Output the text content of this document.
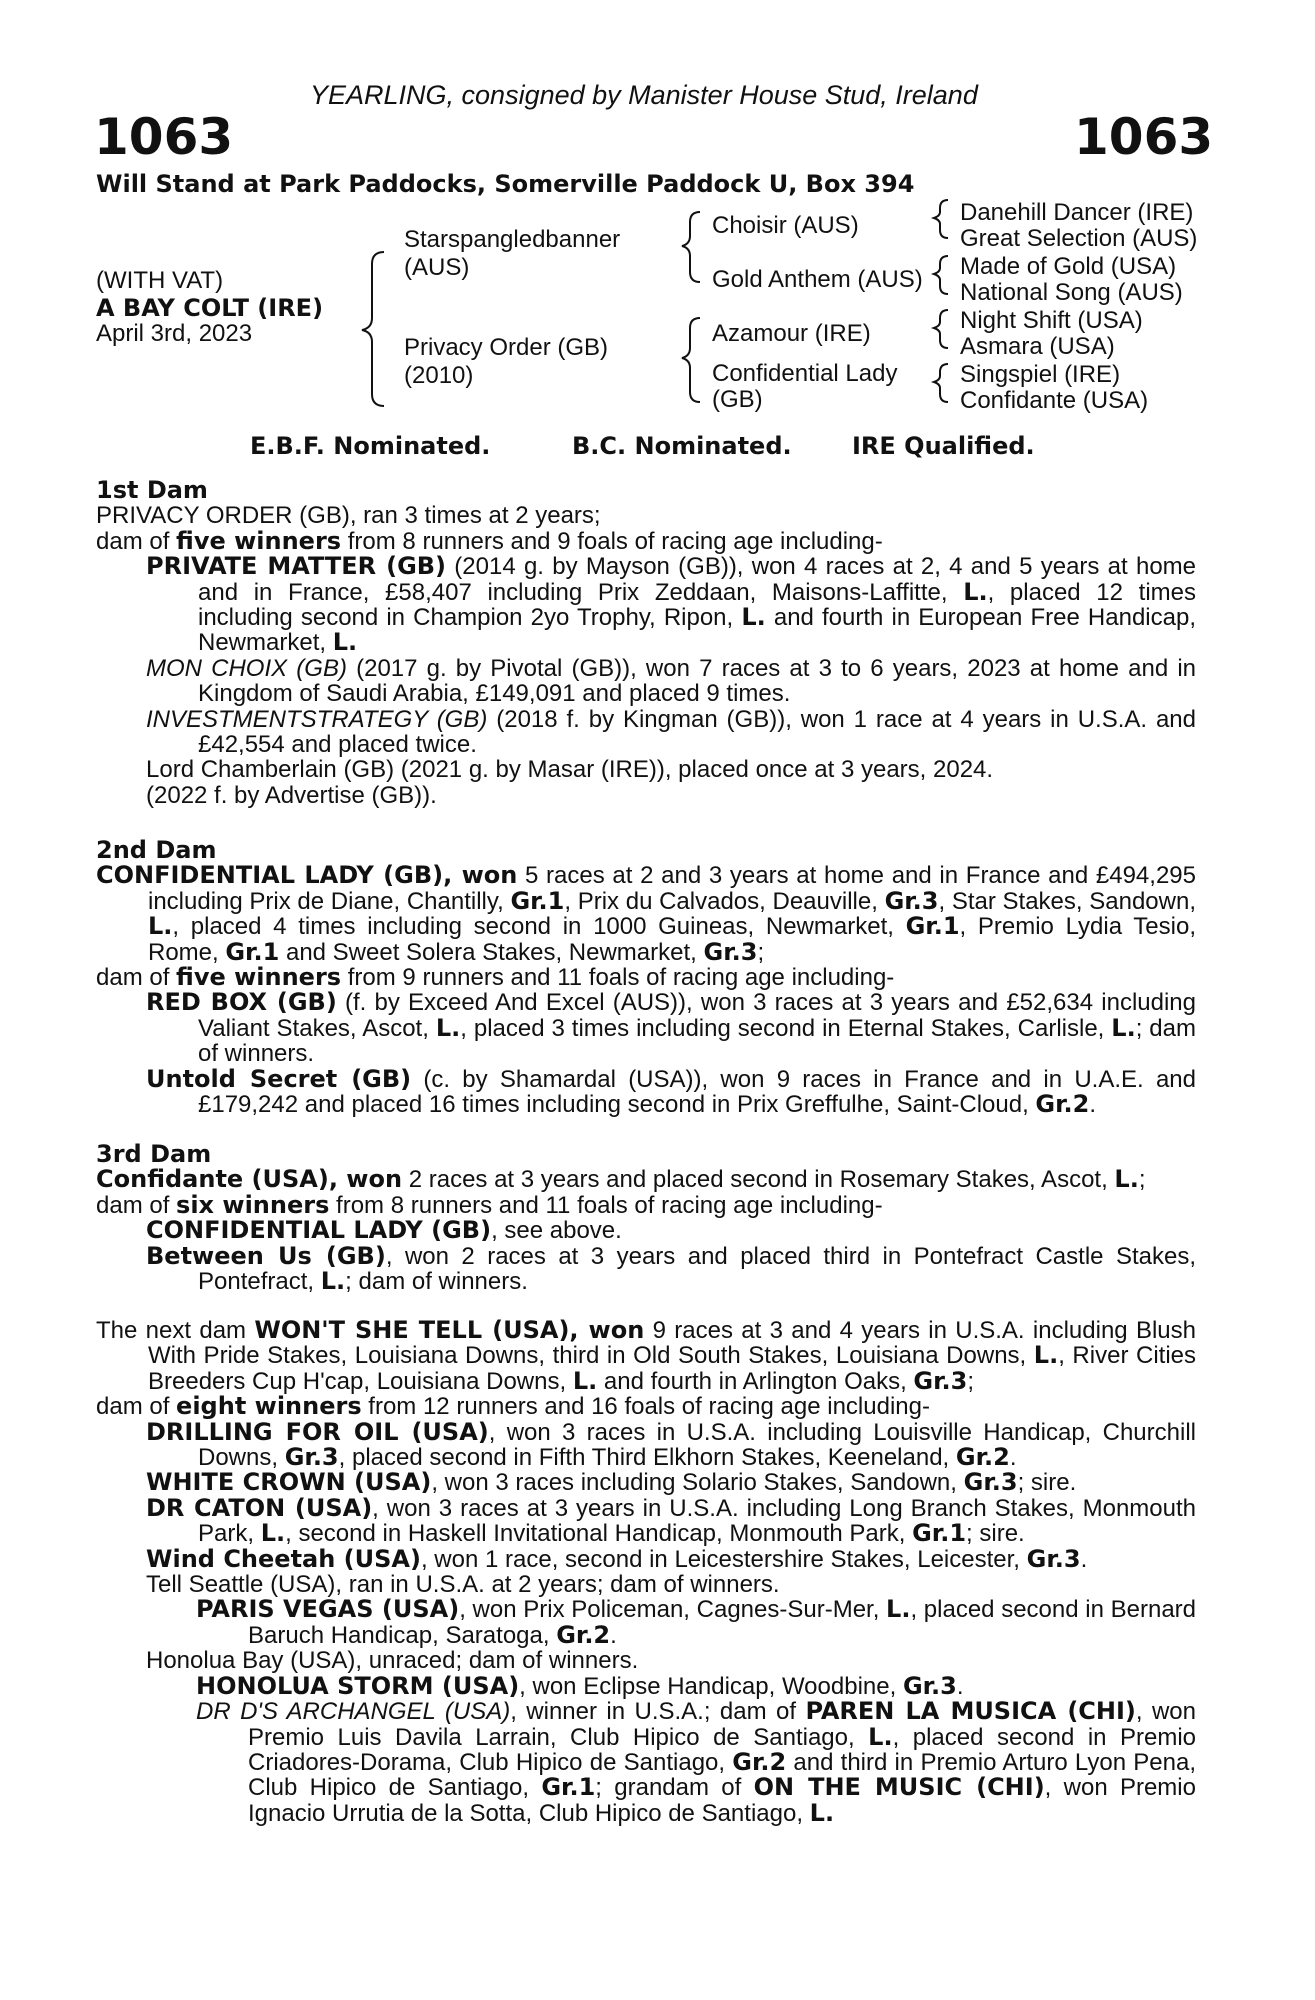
YEARLING, consigned by Manister House Stud, Ireland
1063	1063
Will Stand at Park Paddocks, Somerville Paddock U, Box 394
(WITH VAT)
A BAY COLT (IRE)
April 3rd, 2023
Starspangledbanner
(AUS)
Privacy Order (GB)
(2010)
Choisir (AUS)
Gold Anthem (AUS)
Azamour (IRE)
Confidential Lady
(GB)
Danehill Dancer (IRE)
Great Selection (AUS)
Made of Gold (USA)
National Song (AUS)
Night Shift (USA)
Asmara (USA)
Singspiel (IRE)
Confidante (USA)
E.B.F. Nominated.	B.C. Nominated.	IRE Qualified.

1st Dam

PRIVACY ORDER (GB), ran 3 times at 2 years;

dam of five winners from 8 runners and 9 foals of racing age including-

PRIVATE MATTER (GB) (2014 g. by Mayson (GB)), won 4 races at 2, 4 and 5 years at home and in France, £58,407 including Prix Zeddaan, Maisons-Laffitte, L., placed 12 times including second in Champion 2yo Trophy, Ripon, L. and fourth in European Free Handicap, Newmarket, L.

MON CHOIX (GB) (2017 g. by Pivotal (GB)), won 7 races at 3 to 6 years, 2023 at home and in Kingdom of Saudi Arabia, £149,091 and placed 9 times.

INVESTMENTSTRATEGY (GB) (2018 f. by Kingman (GB)), won 1 race at 4 years in U.S.A. and £42,554 and placed twice.

Lord Chamberlain (GB) (2021 g. by Masar (IRE)), placed once at 3 years, 2024.

(2022 f. by Advertise (GB)).

2nd Dam

CONFIDENTIAL LADY (GB), won 5 races at 2 and 3 years at home and in France and £494,295 including Prix de Diane, Chantilly, Gr.1, Prix du Calvados, Deauville, Gr.3, Star Stakes, Sandown, L., placed 4 times including second in 1000 Guineas, Newmarket, Gr.1, Premio Lydia Tesio, Rome, Gr.1 and Sweet Solera Stakes, Newmarket, Gr.3;

dam of five winners from 9 runners and 11 foals of racing age including-

RED BOX (GB) (f. by Exceed And Excel (AUS)), won 3 races at 3 years and £52,634 including Valiant Stakes, Ascot, L., placed 3 times including second in Eternal Stakes, Carlisle, L.; dam of winners.

Untold Secret (GB) (c. by Shamardal (USA)), won 9 races in France and in U.A.E. and £179,242 and placed 16 times including second in Prix Greffulhe, Saint-Cloud, Gr.2.

3rd Dam

Confidante (USA), won 2 races at 3 years and placed second in Rosemary Stakes, Ascot, L.;

dam of six winners from 8 runners and 11 foals of racing age including-

CONFIDENTIAL LADY (GB), see above.

Between Us (GB), won 2 races at 3 years and placed third in Pontefract Castle Stakes, Pontefract, L.; dam of winners.

The next dam WON'T SHE TELL (USA), won 9 races at 3 and 4 years in U.S.A. including Blush With Pride Stakes, Louisiana Downs, third in Old South Stakes, Louisiana Downs, L., River Cities Breeders Cup H'cap, Louisiana Downs, L. and fourth in Arlington Oaks, Gr.3;

dam of eight winners from 12 runners and 16 foals of racing age including-

DRILLING FOR OIL (USA), won 3 races in U.S.A. including Louisville Handicap, Churchill Downs, Gr.3, placed second in Fifth Third Elkhorn Stakes, Keeneland, Gr.2.

WHITE CROWN (USA), won 3 races including Solario Stakes, Sandown, Gr.3; sire.

DR CATON (USA), won 3 races at 3 years in U.S.A. including Long Branch Stakes, Monmouth Park, L., second in Haskell Invitational Handicap, Monmouth Park, Gr.1; sire.

Wind Cheetah (USA), won 1 race, second in Leicestershire Stakes, Leicester, Gr.3.

Tell Seattle (USA), ran in U.S.A. at 2 years; dam of winners.

PARIS VEGAS (USA), won Prix Policeman, Cagnes-Sur-Mer, L., placed second in Bernard Baruch Handicap, Saratoga, Gr.2.

Honolua Bay (USA), unraced; dam of winners.

HONOLUA STORM (USA), won Eclipse Handicap, Woodbine, Gr.3.

DR D'S ARCHANGEL (USA), winner in U.S.A.; dam of PAREN LA MUSICA (CHI), won Premio Luis Davila Larrain, Club Hipico de Santiago, L., placed second in Premio Criadores-Dorama, Club Hipico de Santiago, Gr.2 and third in Premio Arturo Lyon Pena, Club Hipico de Santiago, Gr.1; grandam of ON THE MUSIC (CHI), won Premio Ignacio Urrutia de la Sotta, Club Hipico de Santiago, L.
